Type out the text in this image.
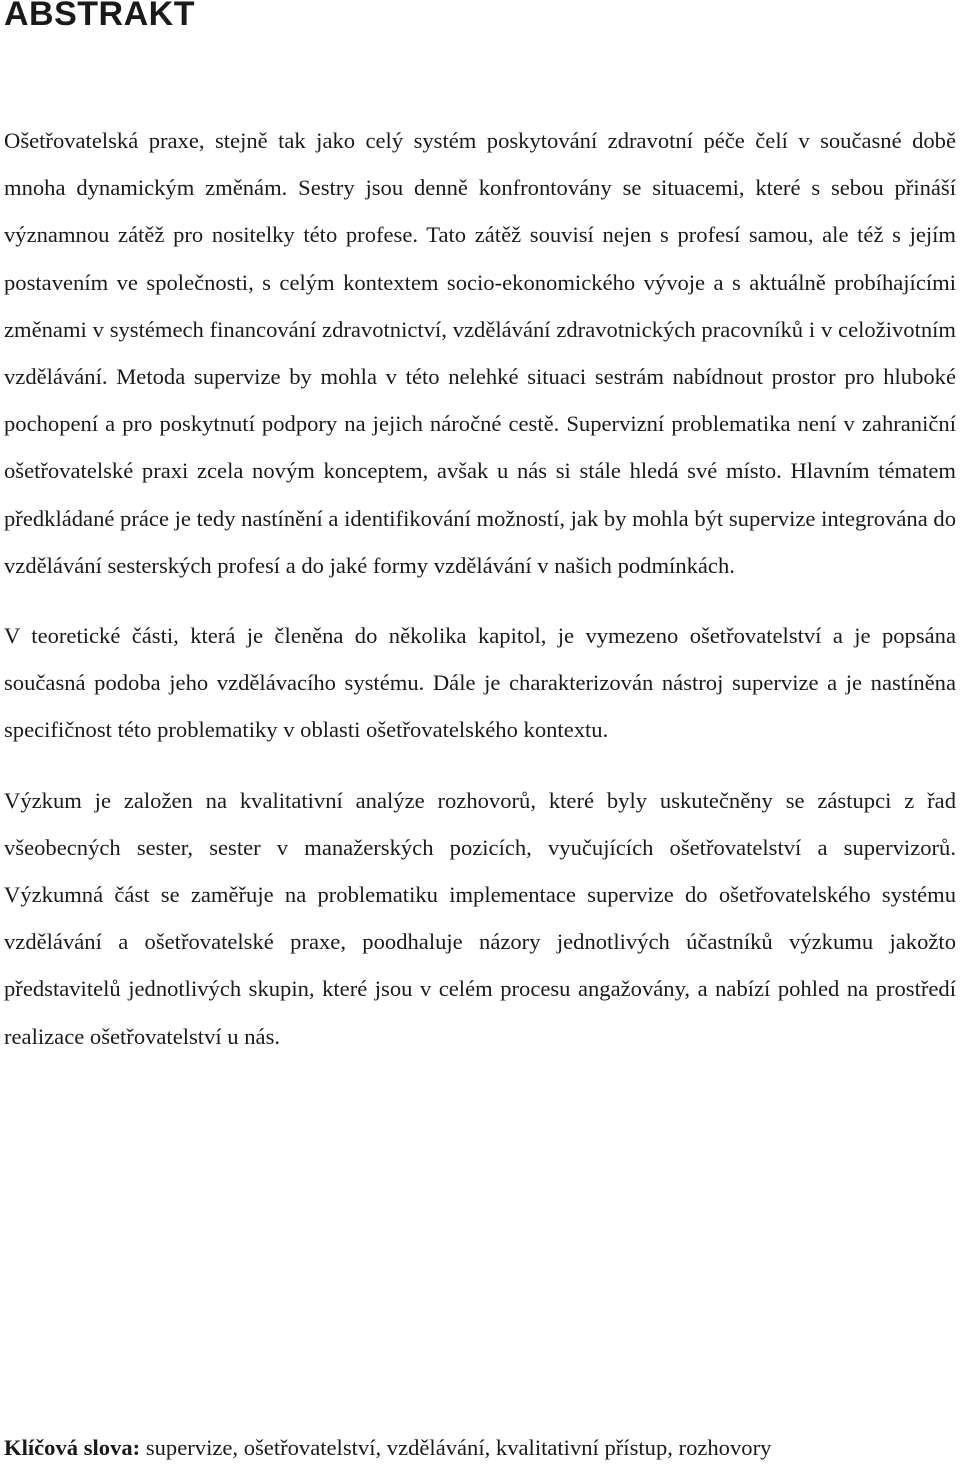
ABSTRAKT

Ošetřovatelská praxe, stejně tak jako celý systém poskytování zdravotní péče čelí v současné době mnoha dynamickým změnám. Sestry jsou denně konfrontovány se situacemi, které s sebou přináší významnou zátěž pro nositelky této profese. Tato zátěž souvisí nejen s profesí samou, ale též s jejím postavením ve společnosti, s celým kontextem socio-ekonomického vývoje a s aktuálně probíhajícími změnami v systémech financování zdravotnictví, vzdělávání zdravotnických pracovníků i v celoživotním vzdělávání. Metoda supervize by mohla v této nelehké situaci sestrám nabídnout prostor pro hluboké pochopení a pro poskytnutí podpory na jejich náročné cestě. Supervizní problematika není v zahraniční ošetřovatelské praxi zcela novým konceptem, avšak u nás si stále hledá své místo. Hlavním tématem předkládané práce je tedy nastínění a identifikování možností, jak by mohla být supervize integrována do vzdělávání sesterských profesí a do jaké formy vzdělávání v našich podmínkách.

V teoretické části, která je členěna do několika kapitol, je vymezeno ošetřovatelství a je popsána současná podoba jeho vzdělávacího systému. Dále je charakterizován nástroj supervize a je nastíněna specifičnost této problematiky v oblasti ošetřovatelského kontextu.

Výzkum je založen na kvalitativní analýze rozhovorů, které byly uskutečněny se zástupci z řad všeobecných sester, sester v manažerských pozicích, vyučujících ošetřovatelství a supervizorů. Výzkumná část se zaměřuje na problematiku implementace supervize do ošetřovatelského systému vzdělávání a ošetřovatelské praxe, poodhaluje názory jednotlivých účastníků výzkumu jakožto představitelů jednotlivých skupin, které jsou v celém procesu angažovány, a nabízí pohled na prostředí realizace ošetřovatelství u nás.

Klíčová slova: supervize, ošetřovatelství, vzdělávání, kvalitativní přístup, rozhovory
